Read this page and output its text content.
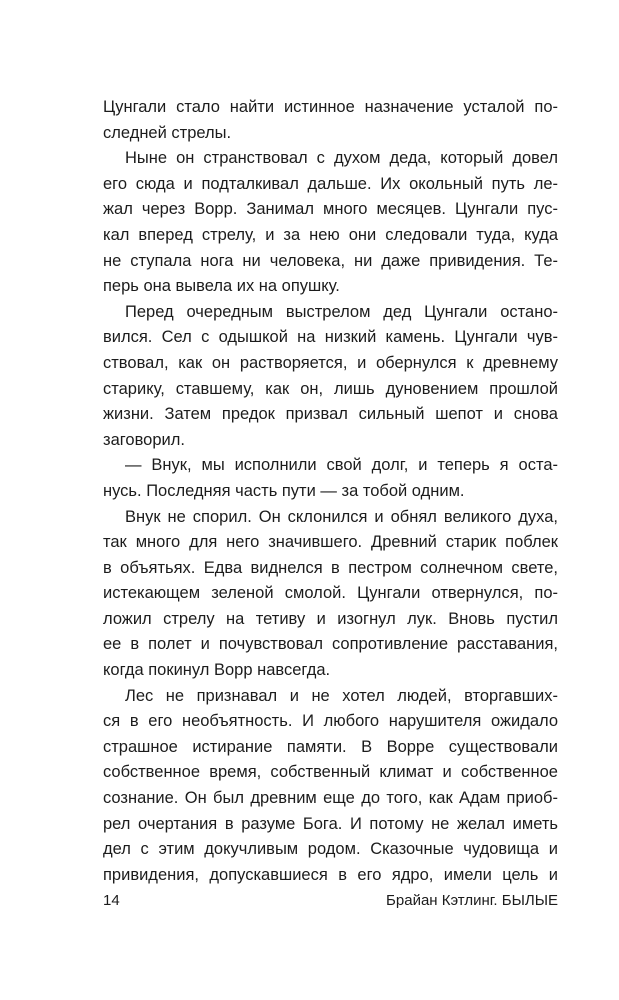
Цунгали стало найти истинное назначение усталой по-
следней стрелы.
Ныне он странствовал с духом деда, который довел
его сюда и подталкивал дальше. Их окольный путь ле-
жал через Ворр. Занимал много месяцев. Цунгали пус-
кал вперед стрелу, и за нею они следовали туда, куда
не ступала нога ни человека, ни даже привидения. Те-
перь она вывела их на опушку.
Перед очередным выстрелом дед Цунгали остано-
вился. Сел с одышкой на низкий камень. Цунгали чув-
ствовал, как он растворяется, и обернулся к древнему
старику, ставшему, как он, лишь дуновением прошлой
жизни. Затем предок призвал сильный шепот и снова
заговорил.
— Внук, мы исполнили свой долг, и теперь я оста-
нусь. Последняя часть пути — за тобой одним.
Внук не спорил. Он склонился и обнял великого духа,
так много для него значившего. Древний старик поблек
в объятьях. Едва виднелся в пестром солнечном свете,
истекающем зеленой смолой. Цунгали отвернулся, по-
ложил стрелу на тетиву и изогнул лук. Вновь пустил
ее в полет и почувствовал сопротивление расставания,
когда покинул Ворр навсегда.
Лес не признавал и не хотел людей, вторгавших-
ся в его необъятность. И любого нарушителя ожидало
страшное истирание памяти. В Ворре существовали
собственное время, собственный климат и собственное
сознание. Он был древним еще до того, как Адам приоб-
рел очертания в разуме Бога. И потому не желал иметь
дел с этим докучливым родом. Сказочные чудовища и
привидения, допускавшиеся в его ядро, имели цель и
14	Брайан Кэтлинг. БЫЛЫЕ
